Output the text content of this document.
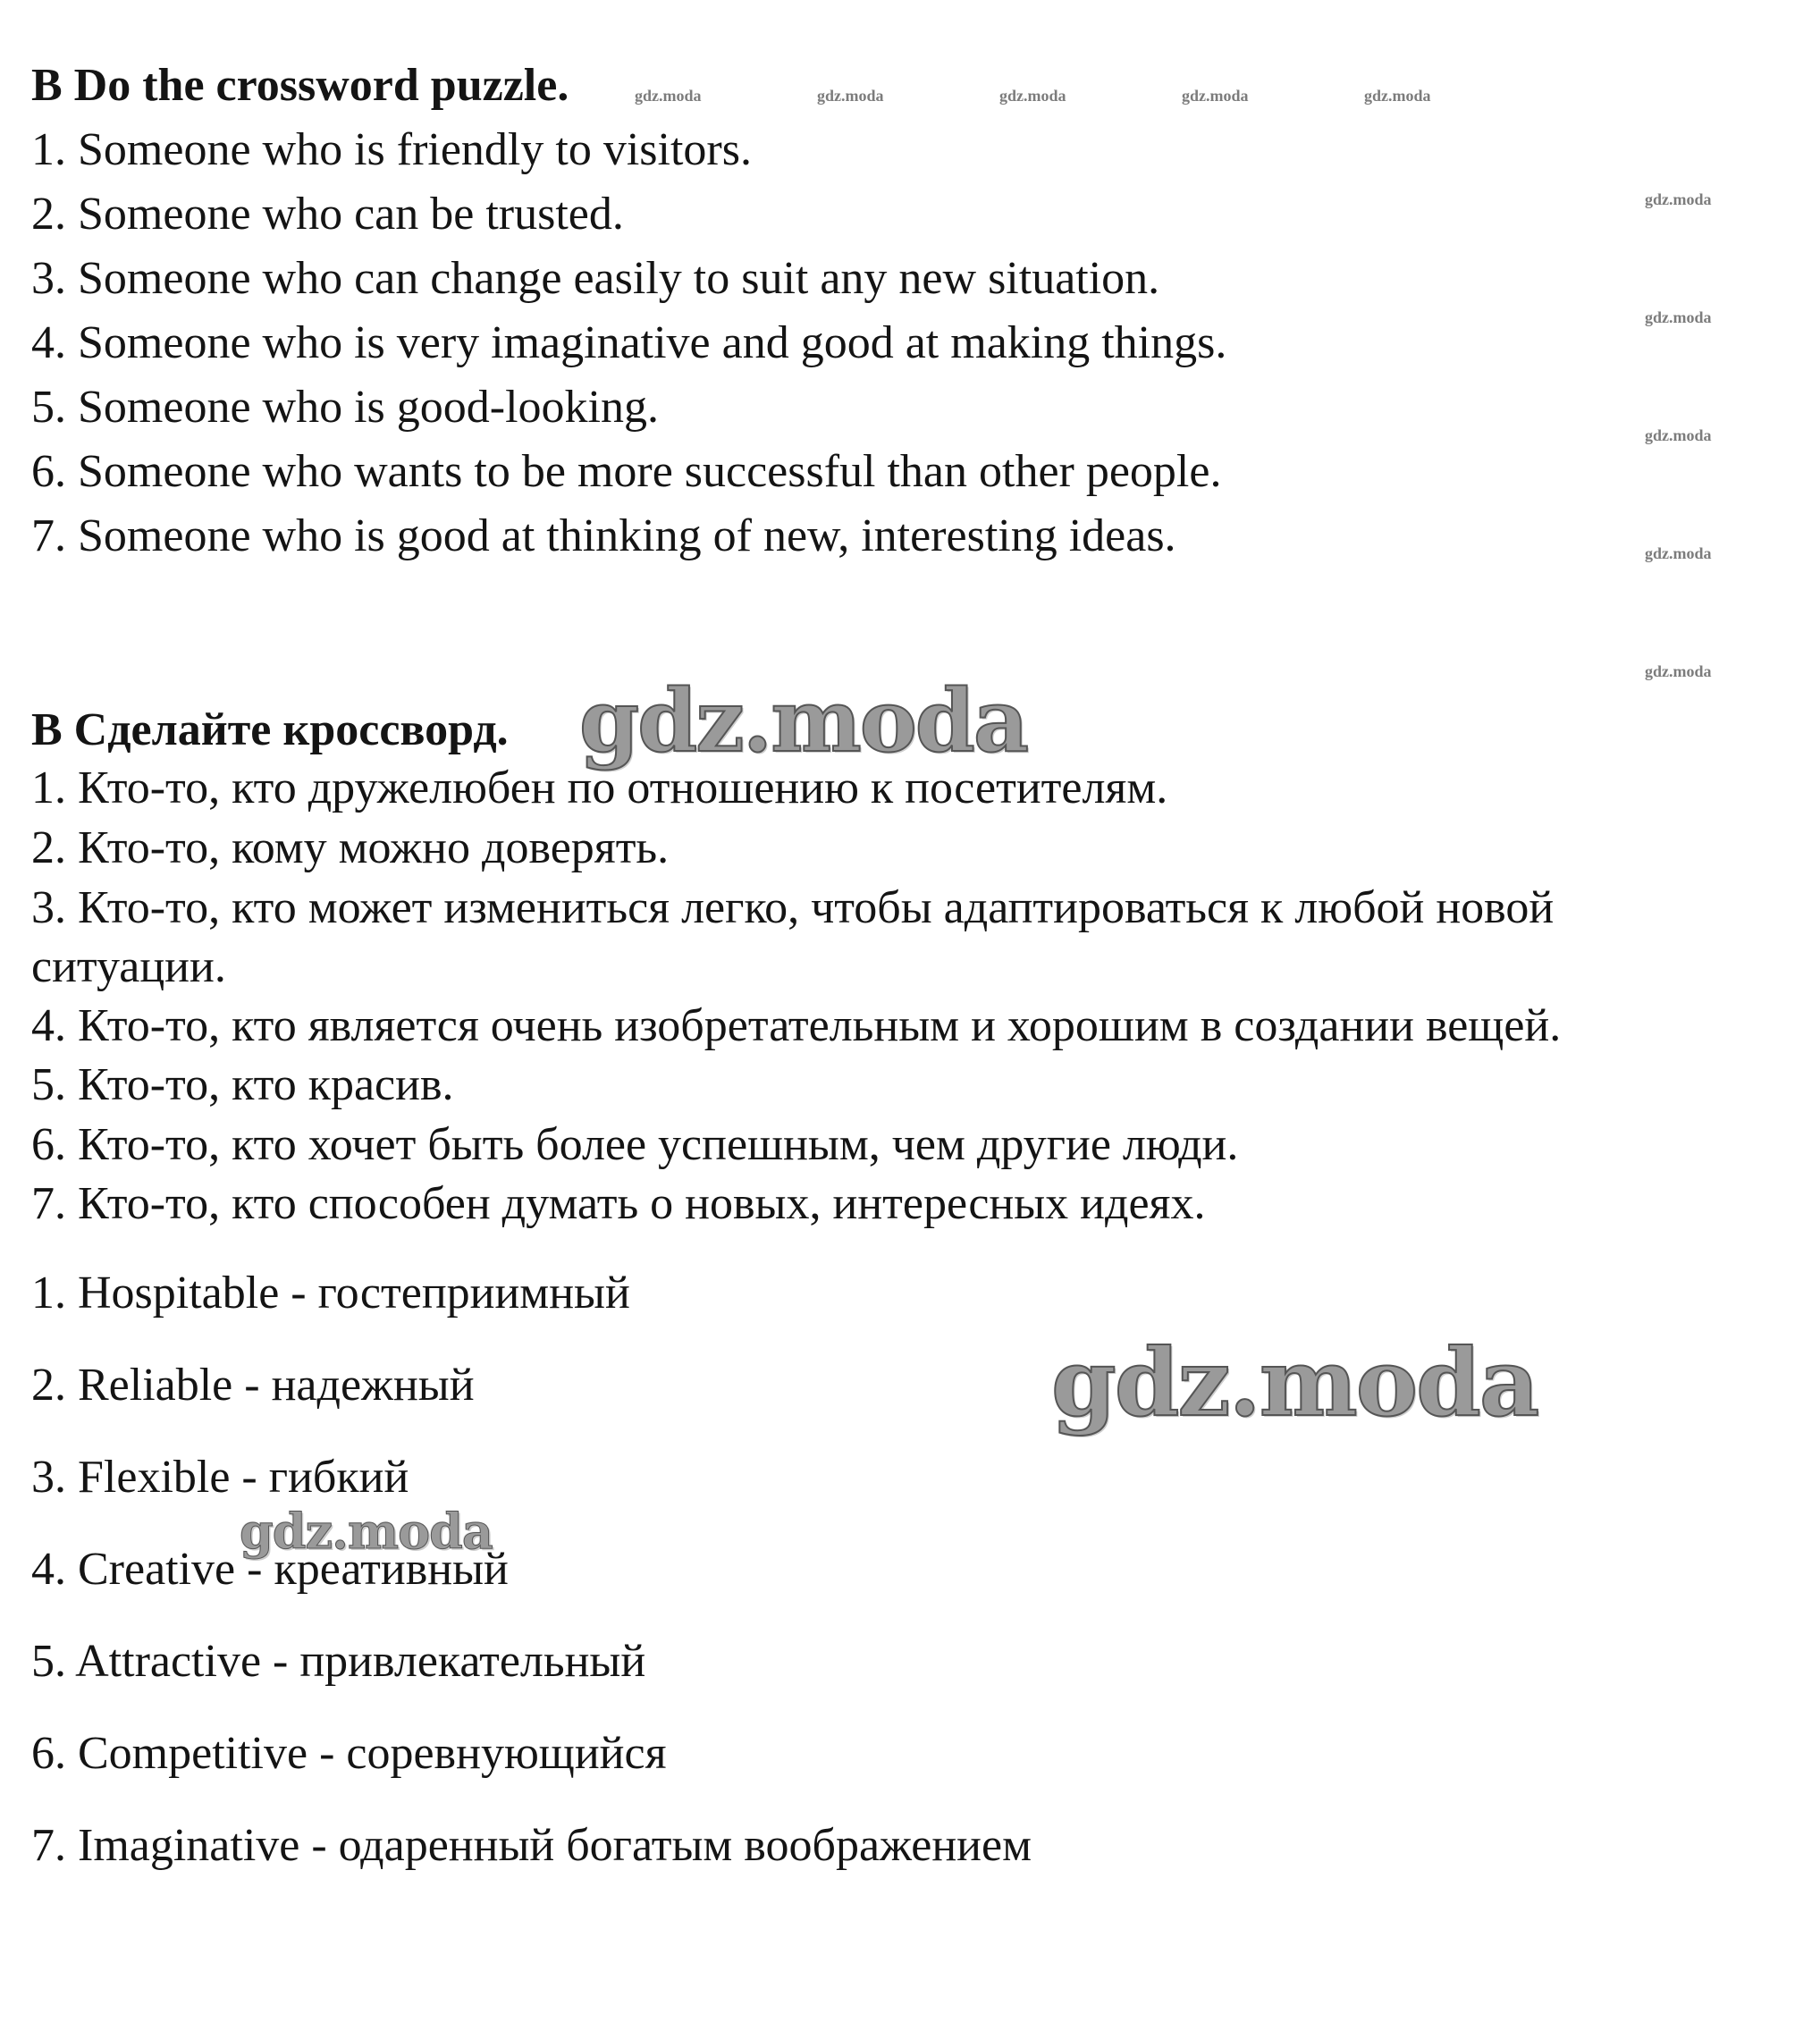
B Do the crossword puzzle.
1. Someone who is friendly to visitors.
2. Someone who can be trusted.
3. Someone who can change easily to suit any new situation.
4. Someone who is very imaginative and good at making things.
5. Someone who is good-looking.
6. Someone who wants to be more successful than other people.
7. Someone who is good at thinking of new, interesting ideas.
B Сделайте кроссворд.
1. Кто-то, кто дружелюбен по отношению к посетителям.
2. Кто-то, кому можно доверять.
3. Кто-то, кто может измениться легко, чтобы адаптироваться к любой новой
ситуации.
4. Кто-то, кто является очень изобретательным и хорошим в создании вещей.
5. Кто-то, кто красив.
6. Кто-то, кто хочет быть более успешным, чем другие люди.
7. Кто-то, кто способен думать о новых, интересных идеях.
1. Hospitable - гостеприимный
2. Reliable - надежный
3. Flexible - гибкий
4. Creative - креативный
5. Attractive - привлекательный
6. Competitive - соревнующийся
7. Imaginative - одаренный богатым воображением
gdz.moda	gdz.moda	gdz.moda	gdz.moda	gdz.moda
gdz.moda
gdz.moda
gdz.moda
gdz.moda
gdz.moda
gdz.moda
gdz.moda
gdz.moda
